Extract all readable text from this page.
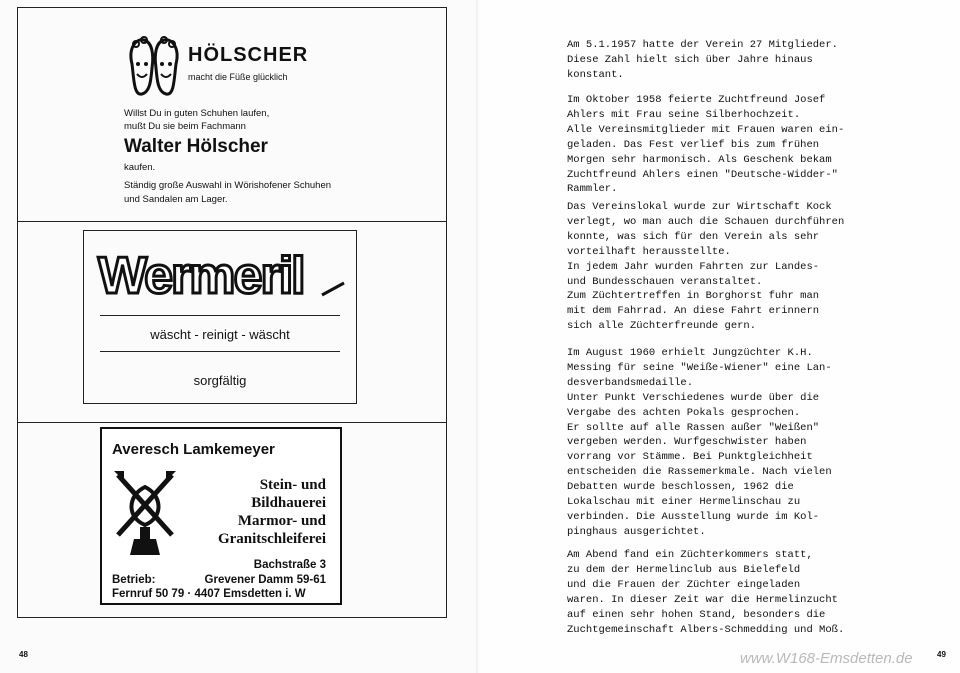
HÖLSCHER
macht die Füße glücklich
Willst Du in guten Schuhen laufen,
mußt Du sie beim Fachmann
Walter Hölscher
kaufen.
Ständig große Auswahl in Wörishofener Schuhen
und Sandalen am Lager.
Wermeril
wäscht - reinigt - wäscht
sorgfältig
Averesch Lamkemeyer
Stein- und
Bildhauerei
Marmor- und
Granitschleiferei
Bachstraße 3
Betrieb:	Grevener Damm 59-61
Fernruf 50 79 · 4407 Emsdetten i. W
48	49
Am 5.1.1957 hatte der Verein 27 Mitglieder.
Diese Zahl hielt sich über Jahre hinaus
konstant.
Im Oktober 1958 feierte Zuchtfreund Josef
Ahlers mit Frau seine Silberhochzeit.
Alle Vereinsmitglieder mit Frauen waren ein-
geladen. Das Fest verlief bis zum frühen
Morgen sehr harmonisch. Als Geschenk bekam
Zuchtfreund Ahlers einen "Deutsche-Widder-"
Rammler.
Das Vereinslokal wurde zur Wirtschaft Kock
verlegt, wo man auch die Schauen durchführen
konnte, was sich für den Verein als sehr
vorteilhaft herausstellte.
In jedem Jahr wurden Fahrten zur Landes-
und Bundesschauen veranstaltet.
Zum Züchtertreffen in Borghorst fuhr man
mit dem Fahrrad. An diese Fahrt erinnern
sich alle Züchterfreunde gern.
Im August 1960 erhielt Jungzüchter K.H.
Messing für seine "Weiße-Wiener" eine Lan-
desverbandsmedaille.
Unter Punkt Verschiedenes wurde über die
Vergabe des achten Pokals gesprochen.
Er sollte auf alle Rassen außer "Weißen"
vergeben werden. Wurfgeschwister haben
vorrang vor Stämme. Bei Punktgleichheit
entscheiden die Rassemerkmale. Nach vielen
Debatten wurde beschlossen, 1962 die
Lokalschau mit einer Hermelinschau zu
verbinden. Die Ausstellung wurde im Kol-
pinghaus ausgerichtet.
Am Abend fand ein Züchterkommers statt,
zu dem der Hermelinclub aus Bielefeld
und die Frauen der Züchter eingeladen
waren. In dieser Zeit war die Hermelinzucht
auf einen sehr hohen Stand, besonders die
Zuchtgemeinschaft Albers-Schmedding und Moß.
www.W168-Emsdetten.de
